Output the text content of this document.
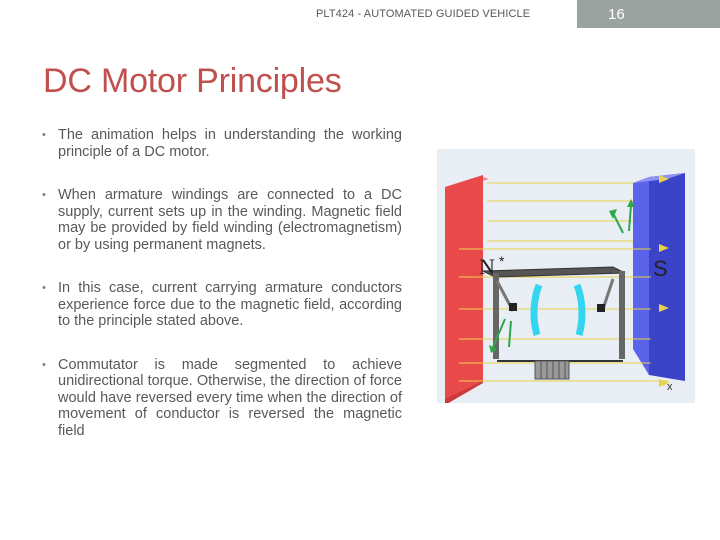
PLT424 - AUTOMATED GUIDED VEHICLE	16
DC Motor Principles
• The animation helps in understanding the working principle of a DC motor.
• When armature windings are connected to a DC supply, current sets up in the winding. Magnetic field may be provided by field winding (electromagnetism) or by using permanent magnets.
• In this case, current carrying armature conductors experience force due to the magnetic field, according to the principle stated above.
• Commutator is made segmented to achieve unidirectional torque. Otherwise, the direction of force would have reversed every time when the direction of movement of conductor is reversed the magnetic field
N *	S
x
